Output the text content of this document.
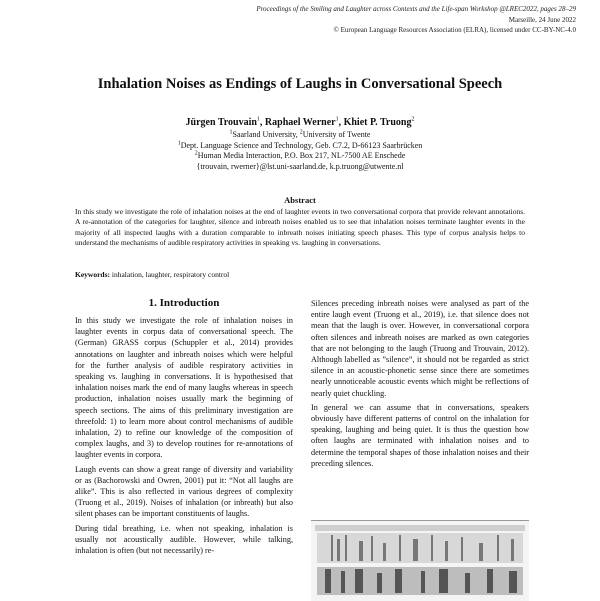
Proceedings of the Smiling and Laughter across Contexts and the Life-span Workshop @LREC2022, pages 28–29
Marseille, 24 June 2022
© European Language Resources Association (ELRA), licensed under CC-BY-NC-4.0
Inhalation Noises as Endings of Laughs in Conversational Speech
Jürgen Trouvain$^1$, Raphael Werner$^1$, Khiet P. Truong$^2$
$^1$Saarland University, $^2$University of Twente
$^1$Dept. Language Science and Technology, Geb. C7.2, D-66123 Saarbrücken
$^2$Human Media Interaction, P.O. Box 217, NL-7500 AE Enschede
{trouvain, rwerner}@lst.uni-saarland.de, k.p.truong@utwente.nl
Abstract
In this study we investigate the role of inhalation noises at the end of laughter events in two conversational corpora that provide relevant annotations. A re-annotation of the categories for laughter, silence and inbreath noises enabled us to see that inhalation noises terminate laughter events in the majority of all inspected laughs with a duration comparable to inbreath noises initiating speech phases. This type of corpus analysis helps to understand the mechanisms of audible respiratory activities in speaking vs. laughing in conversations.
Keywords: inhalation, laughter, respiratory control
1. Introduction

In this study we investigate the role of inhalation noises in laughter events in corpus data of conversational speech. The (German) GRASS corpus (Schuppler et al., 2014) provides annotations on laughter and inbreath noises which were helpful for the further analysis of audible respiratory activities in speaking vs. laughing in conversations. It is hypothesised that inhalation noises mark the end of many laughs whereas in speech production, inhalation noises usually mark the beginning of speech sections. The aims of this preliminary investigation are threefold: 1) to learn more about control mechanisms of audible inhalation, 2) to refine our knowledge of the composition of complex laughs, and 3) to develop routines for re-annotations of laughter events in corpora.

Laugh events can show a great range of diversity and variability or as (Bachorowski and Owren, 2001) put it: “Not all laughs are alike”. This is also reflected in various degrees of complexity (Truong et al., 2019). Noises of inhalation (or inbreath) but also silent phases can be important constituents of laughs.

During tidal breathing, i.e. when not speaking, inhalation is usually not acoustically audible. However, while talking, inhalation is often (but not necessarily) re-

Silences preceding inbreath noises were analysed as part of the entire laugh event (Truong et al., 2019), i.e. that silence does not mean that the laugh is over. However, in conversational corpora often silences and inbreath noises are marked as own categories that are not belonging to the laugh (Truong and Trouvain, 2012). Although labelled as ”silence”, it should not be regarded as strict silence in an acoustic-phonetic sense since there are sometimes nearly unnoticeable acoustic events which might be reflections of nearly quiet chuckling.

In general we can assume that in conversations, speakers obviously have different patterns of control on the inhalation for speaking, laughing and being quiet. It is thus the question how often laughs are terminated with inhalation noises and to determine the temporal shapes of those inhalation noises and their preceding silences.
